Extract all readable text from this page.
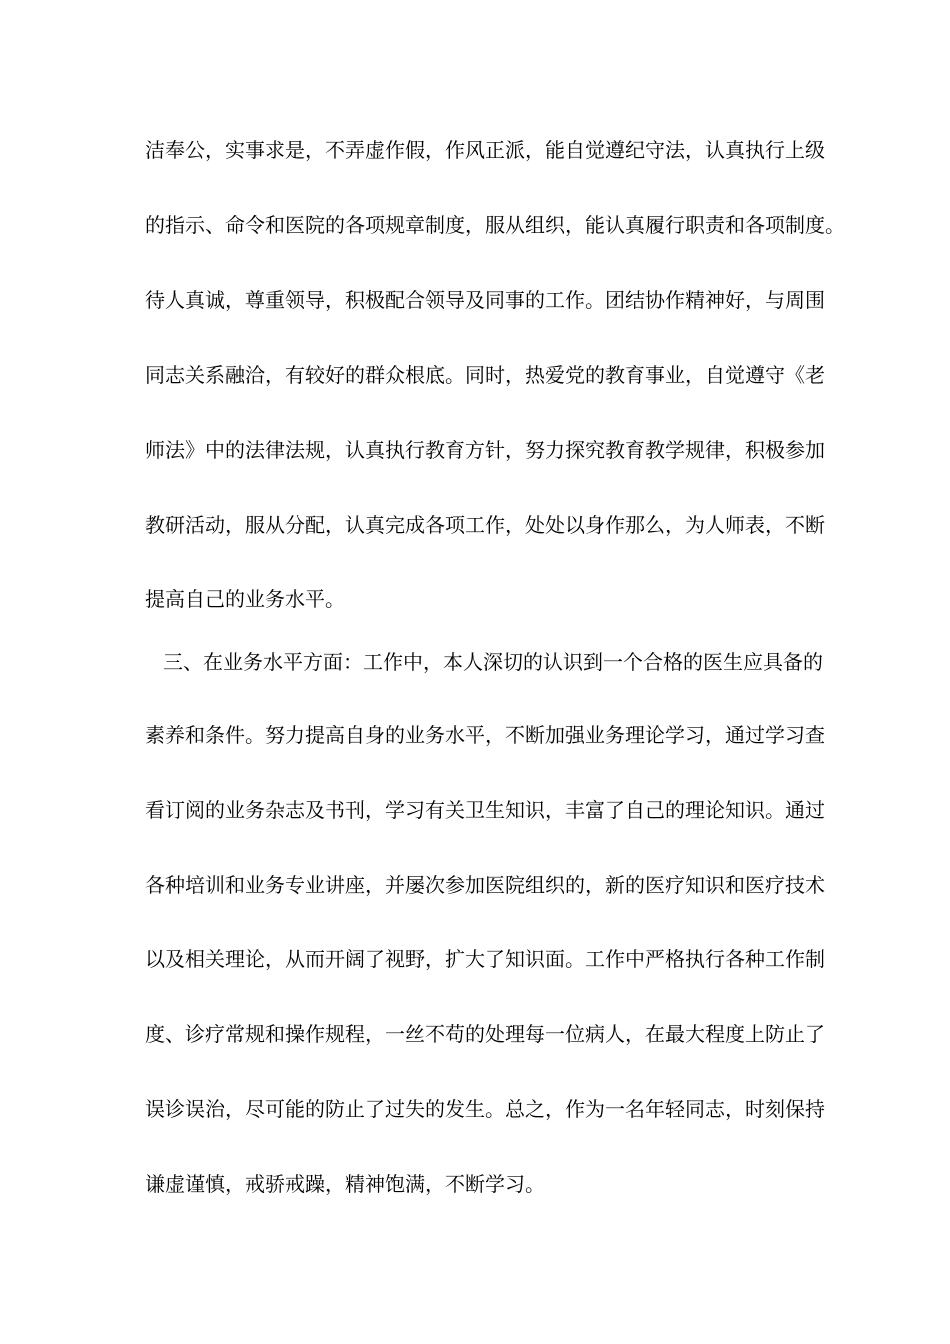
洁奉公，实事求是，不弄虚作假，作风正派，能自觉遵纪守法，认真执行上级
的指示、命令和医院的各项规章制度，服从组织，能认真履行职责和各项制度。
待人真诚，尊重领导，积极配合领导及同事的工作。团结协作精神好，与周围
同志关系融洽，有较好的群众根底。同时，热爱党的教育事业，自觉遵守《老
师法》中的法律法规，认真执行教育方针，努力探究教育教学规律，积极参加
教研活动，服从分配，认真完成各项工作，处处以身作那么，为人师表，不断
提高自己的业务水平。
三、在业务水平方面：工作中，本人深切的认识到一个合格的医生应具备的
素养和条件。努力提高自身的业务水平，不断加强业务理论学习，通过学习查
看订阅的业务杂志及书刊，学习有关卫生知识，丰富了自己的理论知识。通过
各种培训和业务专业讲座，并屡次参加医院组织的，新的医疗知识和医疗技术
以及相关理论，从而开阔了视野，扩大了知识面。工作中严格执行各种工作制
度、诊疗常规和操作规程，一丝不苟的处理每一位病人，在最大程度上防止了
误诊误治，尽可能的防止了过失的发生。总之，作为一名年轻同志，时刻保持
谦虚谨慎，戒骄戒躁，精神饱满，不断学习。
